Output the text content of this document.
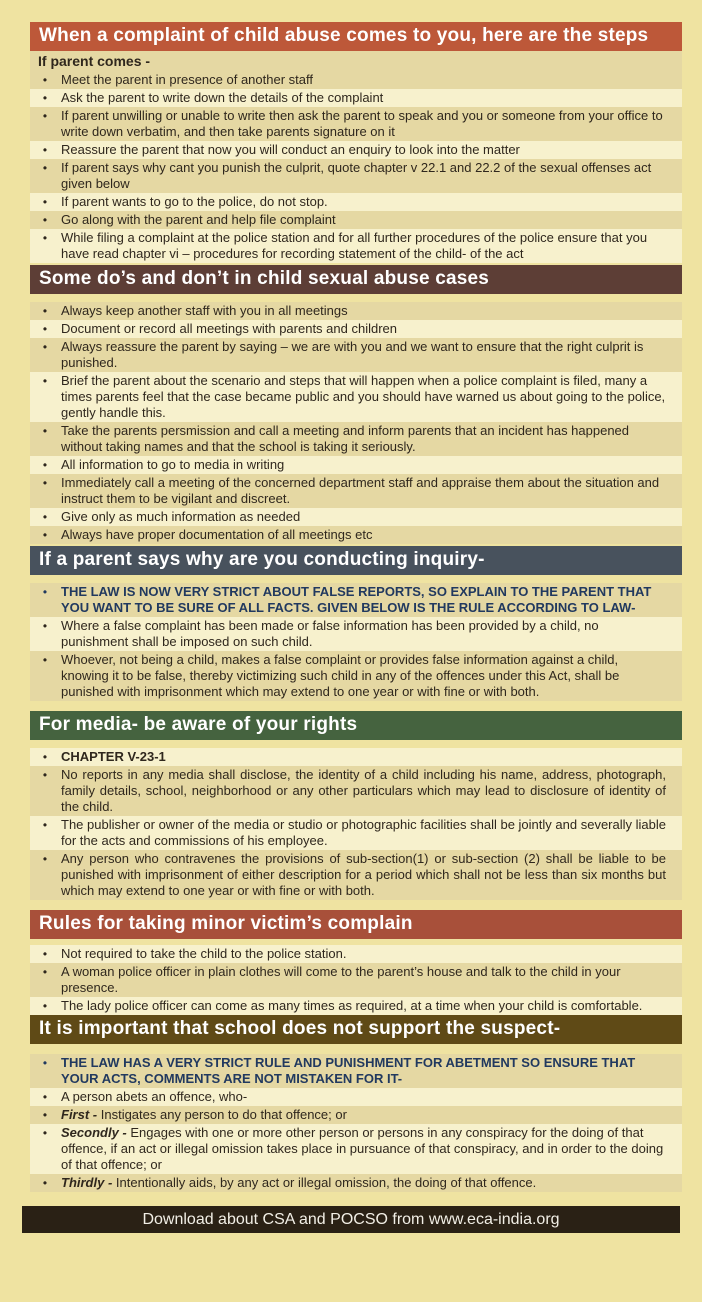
When a complaint of child abuse comes to you, here are the steps
If parent comes -
•	Meet the parent in presence of another staff
•	Ask the parent to write down the details of the complaint
•	If parent unwilling or unable to write then ask the parent to speak and you or someone from your office to write down verbatim, and then take parents signature on it
•	Reassure the parent that now you will conduct an enquiry to look into the matter
•	If parent says why cant you punish the culprit, quote chapter v 22.1 and 22.2 of the sexual offenses act given below
•	If parent wants to go to the police, do not stop.
•	Go along with the parent and help file complaint
•	While filing a complaint at the police station and for all further procedures of the police ensure that you have read chapter vi – procedures for recording statement of the child- of the act
Some do’s and don’t in child sexual abuse cases
•	Always keep another staff with you in all meetings
•	Document or record all meetings with parents and children
•	Always reassure the parent by saying – we are with you and we want to ensure that the right culprit is punished.
•	Brief the parent about the scenario and steps that will happen when a police complaint is filed, many a times parents feel that the case became public and you should have warned us about going to the police, gently handle this.
•	Take the parents persmission and call a meeting and inform parents that an incident has happened without taking names and that the school is taking it seriously.
•	All information to go to media in writing
•	Immediately call a meeting of the concerned department staff and appraise them about the situation and instruct them to be vigilant and discreet.
•	Give only as much information as needed
•	Always have proper documentation of all meetings etc
If a parent says why are you conducting inquiry-
•	THE LAW IS NOW VERY STRICT ABOUT FALSE REPORTS, SO EXPLAIN TO THE PARENT THAT YOU WANT TO BE SURE OF ALL FACTS. GIVEN BELOW IS THE RULE ACCORDING TO LAW-
•	Where a false complaint has been made or false information has been provided by a child, no punishment shall be imposed on such child.
•	Whoever, not being a child, makes a false complaint or provides false information against a child, knowing it to be false, thereby victimizing such child in any of the offences under this Act, shall be punished with imprisonment which may extend to one year or with fine or with both.
For media- be aware of your rights
•	CHAPTER V-23-1
•	No reports in any media shall disclose, the identity of a child including his name, address, photograph, family details, school, neighborhood or any other particulars which may lead to disclosure of identity of the child.
•	The publisher or owner of the media or studio or photographic facilities shall be jointly and severally liable for the acts and commissions of his employee.
•	Any person who contravenes the provisions of sub-section(1) or sub-section (2) shall be liable to be punished with imprisonment of either description for a period which shall not be less than six months but which may extend to one year or with fine or with both.
Rules for taking minor victim’s complain
•	Not required to take the child to the police station.
•	A woman police officer in plain clothes will come to the parent’s house and talk to the child in your presence.
•	The lady police officer can come as many times as required, at a time when your child is comfortable.
It is important that school does not support the suspect-
•	THE LAW HAS A VERY STRICT RULE AND PUNISHMENT FOR ABETMENT SO ENSURE THAT YOUR ACTS, COMMENTS ARE NOT MISTAKEN FOR IT-
•	A person abets an offence, who-
•	First - Instigates any person to do that offence; or
•	Secondly - Engages with one or more other person or persons in any conspiracy for the doing of that offence, if an act or illegal omission takes place in pursuance of that conspiracy, and in order to the doing of that offence; or
•	Thirdly - Intentionally aids, by any act or illegal omission, the doing of that offence.
Download about CSA and POCSO from www.eca-india.org
